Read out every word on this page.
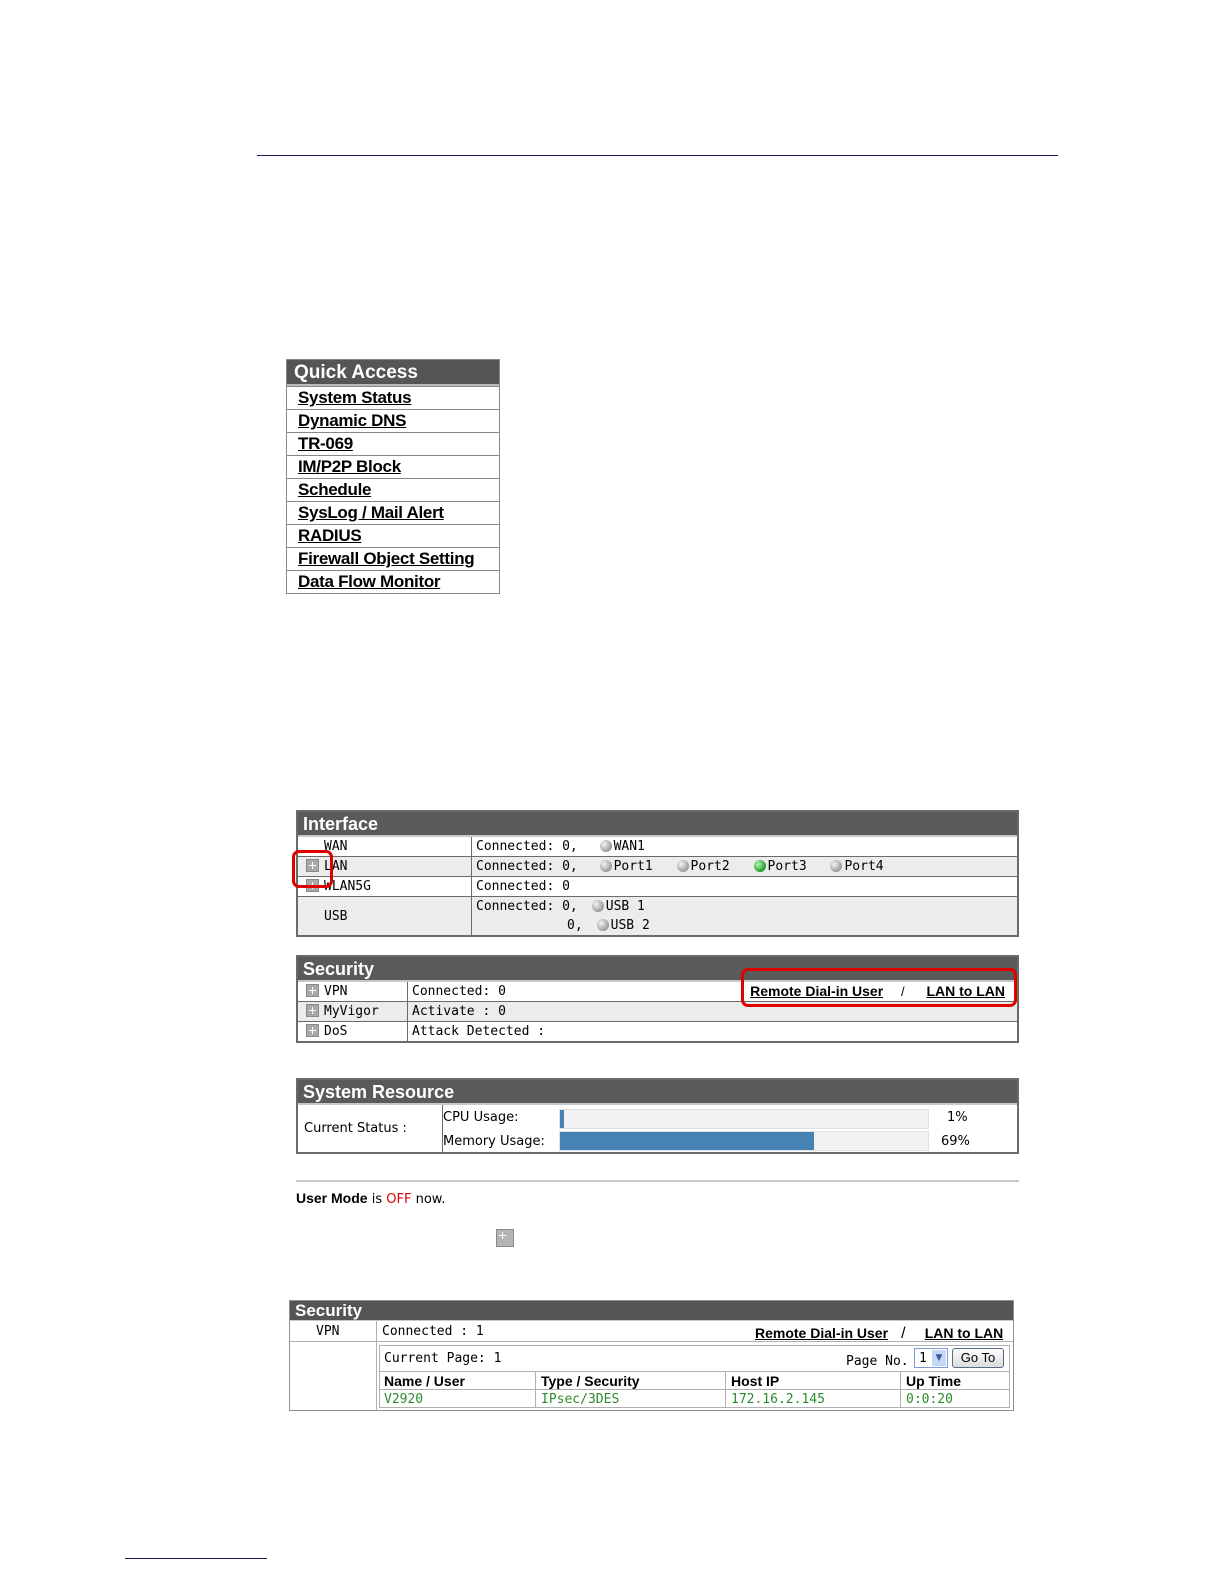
Quick Access
System Status
Dynamic DNS
TR-069
IM/P2P Block
Schedule
SysLog / Mail Alert
RADIUS
Firewall Object Setting
Data Flow Monitor
Interface
WAN	Connected: 0, WAN1
LAN	Connected: 0, Port1 Port2 Port3 Port4
WLAN5G	Connected: 0
USB	Connected: 0, USB 1
0, USB 2
Security
VPN	Connected: 0 Remote Dial-in User / LAN to LAN

MyVigor	Activate : 0
DoS	Attack Detected :
System Resource
Current Status :
CPU Usage:	1%
Memory Usage:	69%
User Mode is OFF now.
Security
VPN	Connected : 1	Remote Dial-in User / LAN to LAN
Current Page: 1	Page No. 1 ▼	Go To
Name / User	Type / Security	Host IP	Up Time
V2920	IPsec/3DES	172.16.2.145	0:0:20
